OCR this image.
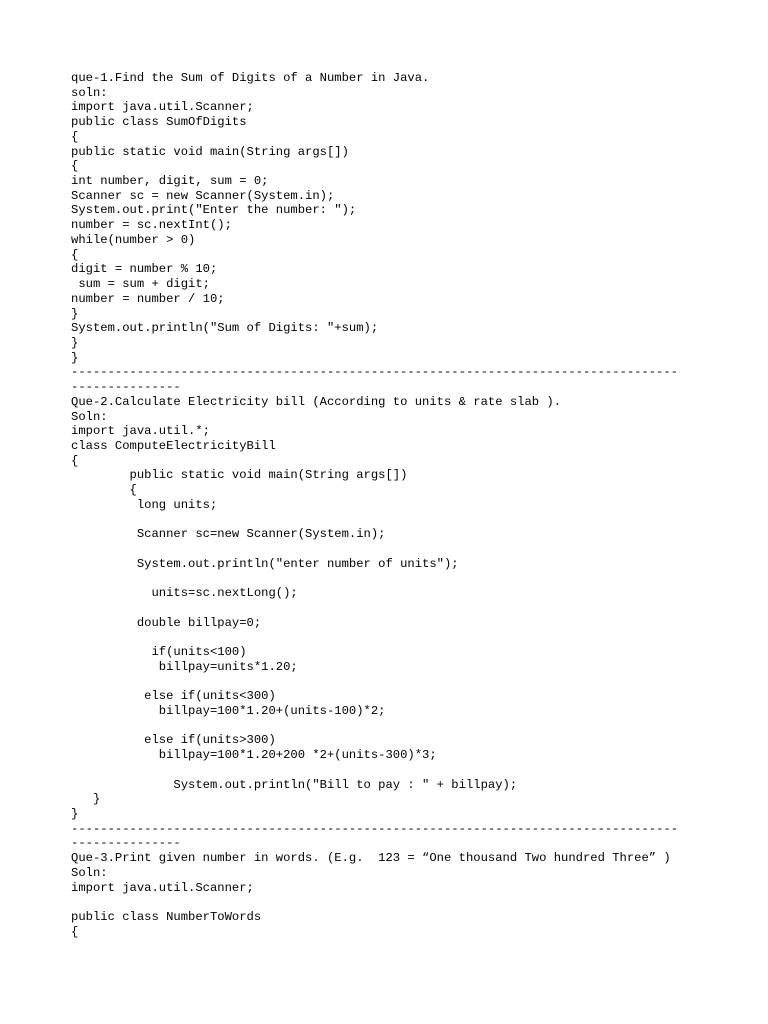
que-1.Find the Sum of Digits of a Number in Java.
soln:
import java.util.Scanner;
public class SumOfDigits
{
public static void main(String args[])
{
int number, digit, sum = 0;
Scanner sc = new Scanner(System.in);
System.out.print("Enter the number: ");
number = sc.nextInt();
while(number > 0)
{
digit = number % 10;
sum = sum + digit;
number = number / 10;
}
System.out.println("Sum of Digits: "+sum);
}
}
-----------------------------------------------------------------------------------
---------------
Que-2.Calculate Electricity bill (According to units & rate slab ).
Soln:
import java.util.*;
class ComputeElectricityBill
{
public static void main(String args[])
{
long units;
Scanner sc=new Scanner(System.in);
System.out.println("enter number of units");
units=sc.nextLong();
double billpay=0;
if(units<100)
billpay=units*1.20;
else if(units<300)
billpay=100*1.20+(units-100)*2;
else if(units>300)
billpay=100*1.20+200 *2+(units-300)*3;
System.out.println("Bill to pay : " + billpay);
}
}
-----------------------------------------------------------------------------------
---------------
Que-3.Print given number in words. (E.g.  123 = “One thousand Two hundred Three” )
Soln:
import java.util.Scanner;
public class NumberToWords
{
